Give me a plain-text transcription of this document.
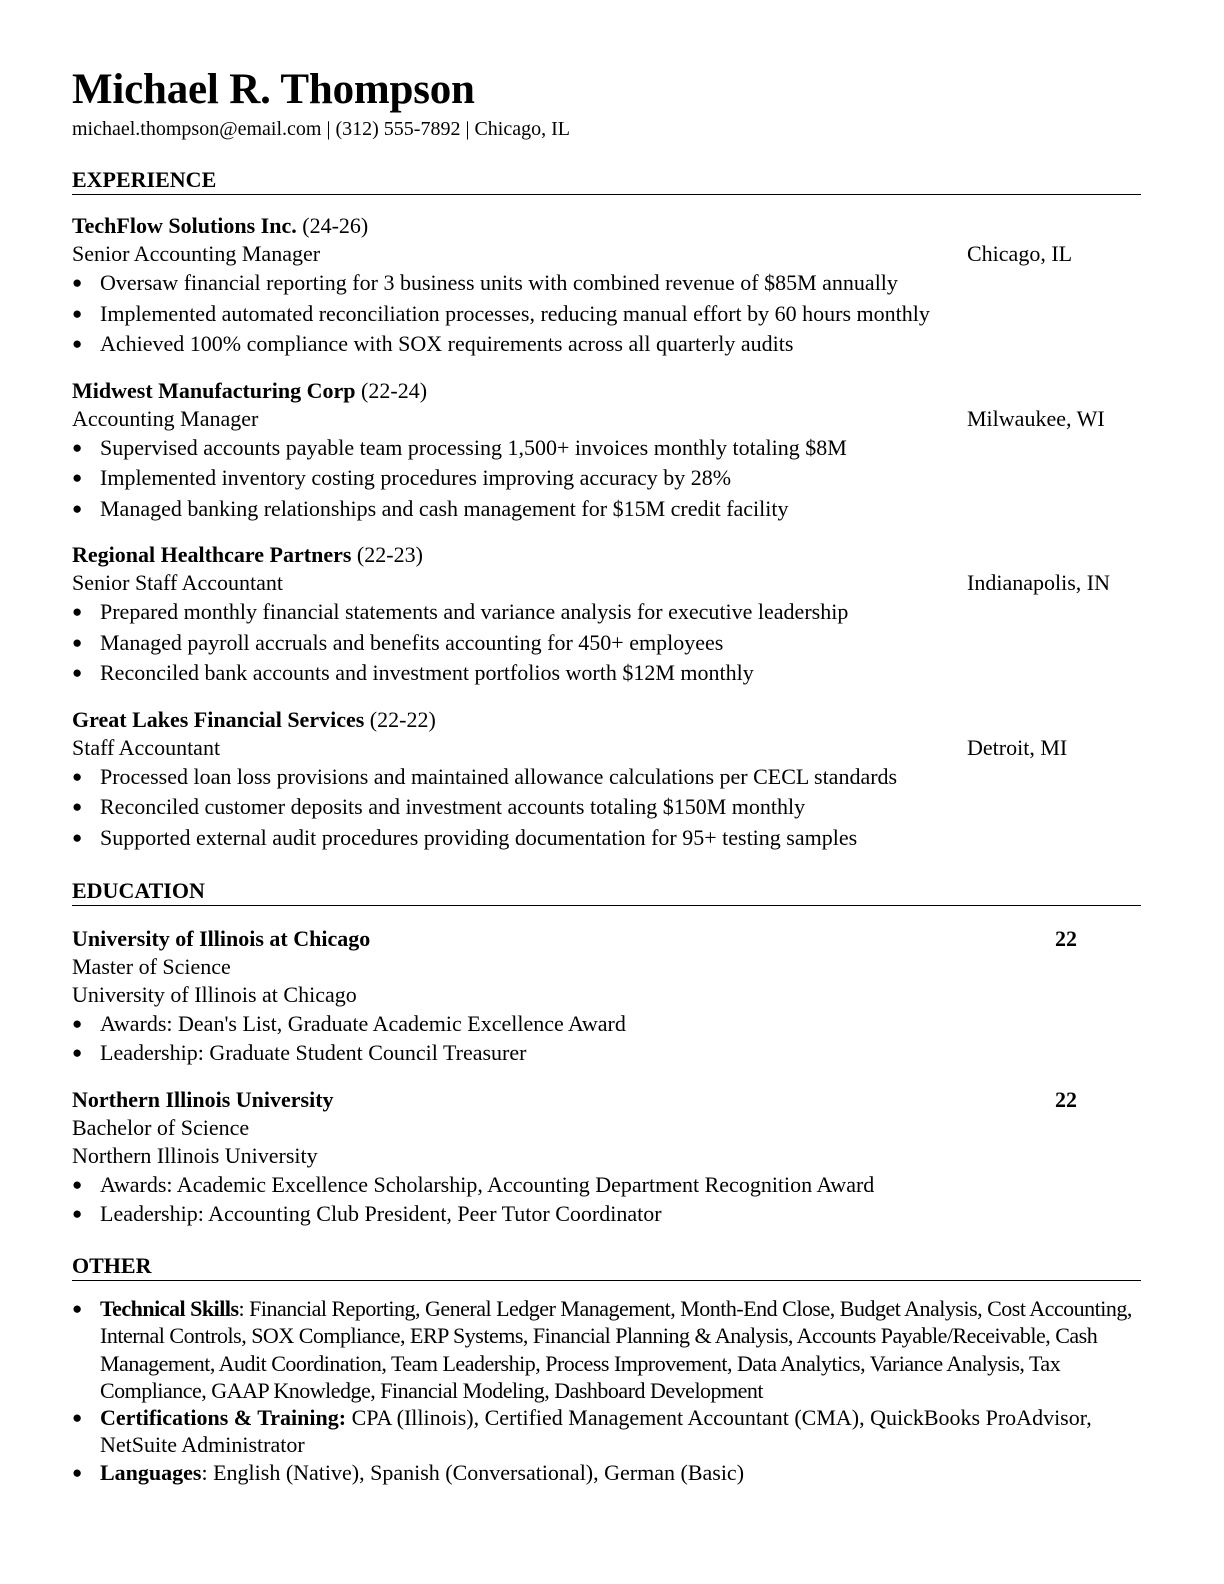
Michael R. Thompson
michael.thompson@email.com | (312) 555-7892 | Chicago, IL
EXPERIENCE
TechFlow Solutions Inc. (24-26)
Senior Accounting Manager	Chicago, IL
● Oversaw financial reporting for 3 business units with combined revenue of $85M annually
● Implemented automated reconciliation processes, reducing manual effort by 60 hours monthly
● Achieved 100% compliance with SOX requirements across all quarterly audits
Midwest Manufacturing Corp (22-24)
Accounting Manager	Milwaukee, WI
● Supervised accounts payable team processing 1,500+ invoices monthly totaling $8M
● Implemented inventory costing procedures improving accuracy by 28%
● Managed banking relationships and cash management for $15M credit facility
Regional Healthcare Partners (22-23)
Senior Staff Accountant	Indianapolis, IN
● Prepared monthly financial statements and variance analysis for executive leadership
● Managed payroll accruals and benefits accounting for 450+ employees
● Reconciled bank accounts and investment portfolios worth $12M monthly
Great Lakes Financial Services (22-22)
Staff Accountant	Detroit, MI
● Processed loan loss provisions and maintained allowance calculations per CECL standards
● Reconciled customer deposits and investment accounts totaling $150M monthly
● Supported external audit procedures providing documentation for 95+ testing samples
EDUCATION
University of Illinois at Chicago	22
Master of Science
University of Illinois at Chicago
● Awards: Dean's List, Graduate Academic Excellence Award
● Leadership: Graduate Student Council Treasurer
Northern Illinois University	22
Bachelor of Science
Northern Illinois University
● Awards: Academic Excellence Scholarship, Accounting Department Recognition Award
● Leadership: Accounting Club President, Peer Tutor Coordinator
OTHER
● Technical Skills: Financial Reporting, General Ledger Management, Month-End Close, Budget Analysis, Cost Accounting, Internal Controls, SOX Compliance, ERP Systems, Financial Planning & Analysis, Accounts Payable/Receivable, Cash Management, Audit Coordination, Team Leadership, Process Improvement, Data Analytics, Variance Analysis, Tax Compliance, GAAP Knowledge, Financial Modeling, Dashboard Development
● Certifications & Training: CPA (Illinois), Certified Management Accountant (CMA), QuickBooks ProAdvisor, NetSuite Administrator
● Languages: English (Native), Spanish (Conversational), German (Basic)
